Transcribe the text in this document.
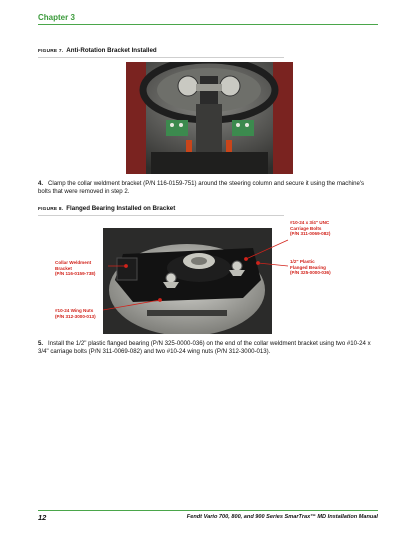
Chapter 3
FIGURE 7. Anti-Rotation Bracket Installed
4. Clamp the collar weldment bracket (P/N 116-0159-751) around the steering column and secure it using the machine's bolts that were removed in step 2.
FIGURE 8. Flanged Bearing Installed on Bracket
#10-24 x 3/4" UNC
Carriage Bolts
(P/N 311-0069-082)
Collar Weldment
Bracket
(P/N 116-0159-738)
1/2" Plastic
Flanged Bearing
(P/N 325-0000-036)
#10-24 Wing Nuts
(P/N 312-3000-013)
5. Install the 1/2" plastic flanged bearing (P/N 325-0000-036) on the end of the collar weldment bracket using two #10-24 x 3/4" carriage bolts (P/N 311-0069-082) and two #10-24 wing nuts (P/N 312-3000-013).
12	Fendt Vario 700, 800, and 900 Series SmarTrax™ MD Installation Manual
